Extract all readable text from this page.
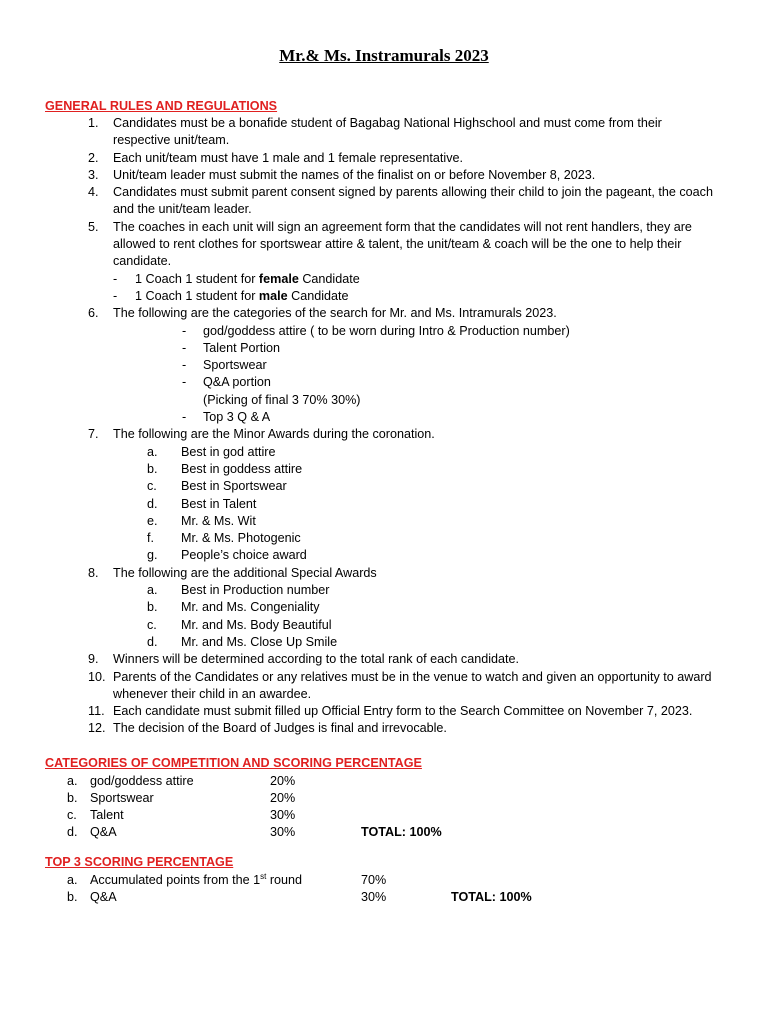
Mr.& Ms. Instramurals 2023
GENERAL RULES AND REGULATIONS
1. Candidates must be a bonafide student of Bagabag National Highschool and must come from their
respective unit/team.
2. Each unit/team must have 1 male and 1 female representative.
3. Unit/team leader must submit the names of the finalist on or before November 8, 2023.
4. Candidates must submit parent consent signed by parents allowing their child to join the pageant, the coach
and the unit/team leader.
5. The coaches in each unit will sign an agreement form that the candidates will not rent handlers, they are
allowed to rent clothes for sportswear attire & talent, the unit/team & coach will be the one to help their
candidate.
- 1 Coach 1 student for female Candidate
- 1 Coach 1 student for male Candidate
6. The following are the categories of the search for Mr. and Ms. Intramurals 2023.
- god/goddess attire ( to be worn during Intro & Production number)
- Talent Portion
- Sportswear
- Q&A portion
(Picking of final 3 70% 30%)
- Top 3 Q & A
7. The following are the Minor Awards during the coronation.
a. Best in god attire
b. Best in goddess attire
c. Best in Sportswear
d. Best in Talent
e. Mr. & Ms. Wit
f. Mr. & Ms. Photogenic
g. People’s choice award
8. The following are the additional Special Awards
a. Best in Production number
b. Mr. and Ms. Congeniality
c. Mr. and Ms. Body Beautiful
d. Mr. and Ms. Close Up Smile
9. Winners will be determined according to the total rank of each candidate.
10. Parents of the Candidates or any relatives must be in the venue to watch and given an opportunity to award
whenever their child in an awardee.
11. Each candidate must submit filled up Official Entry form to the Search Committee on November 7, 2023.
12. The decision of the Board of Judges is final and irrevocable.
CATEGORIES OF COMPETITION AND SCORING PERCENTAGE
a. god/goddess attire	20%
b. Sportswear	20%
c. Talent	30%
d. Q&A	30%	TOTAL: 100%
TOP 3 SCORING PERCENTAGE
a. Accumulated points from the 1st round	70%
b. Q&A	30%	TOTAL: 100%
